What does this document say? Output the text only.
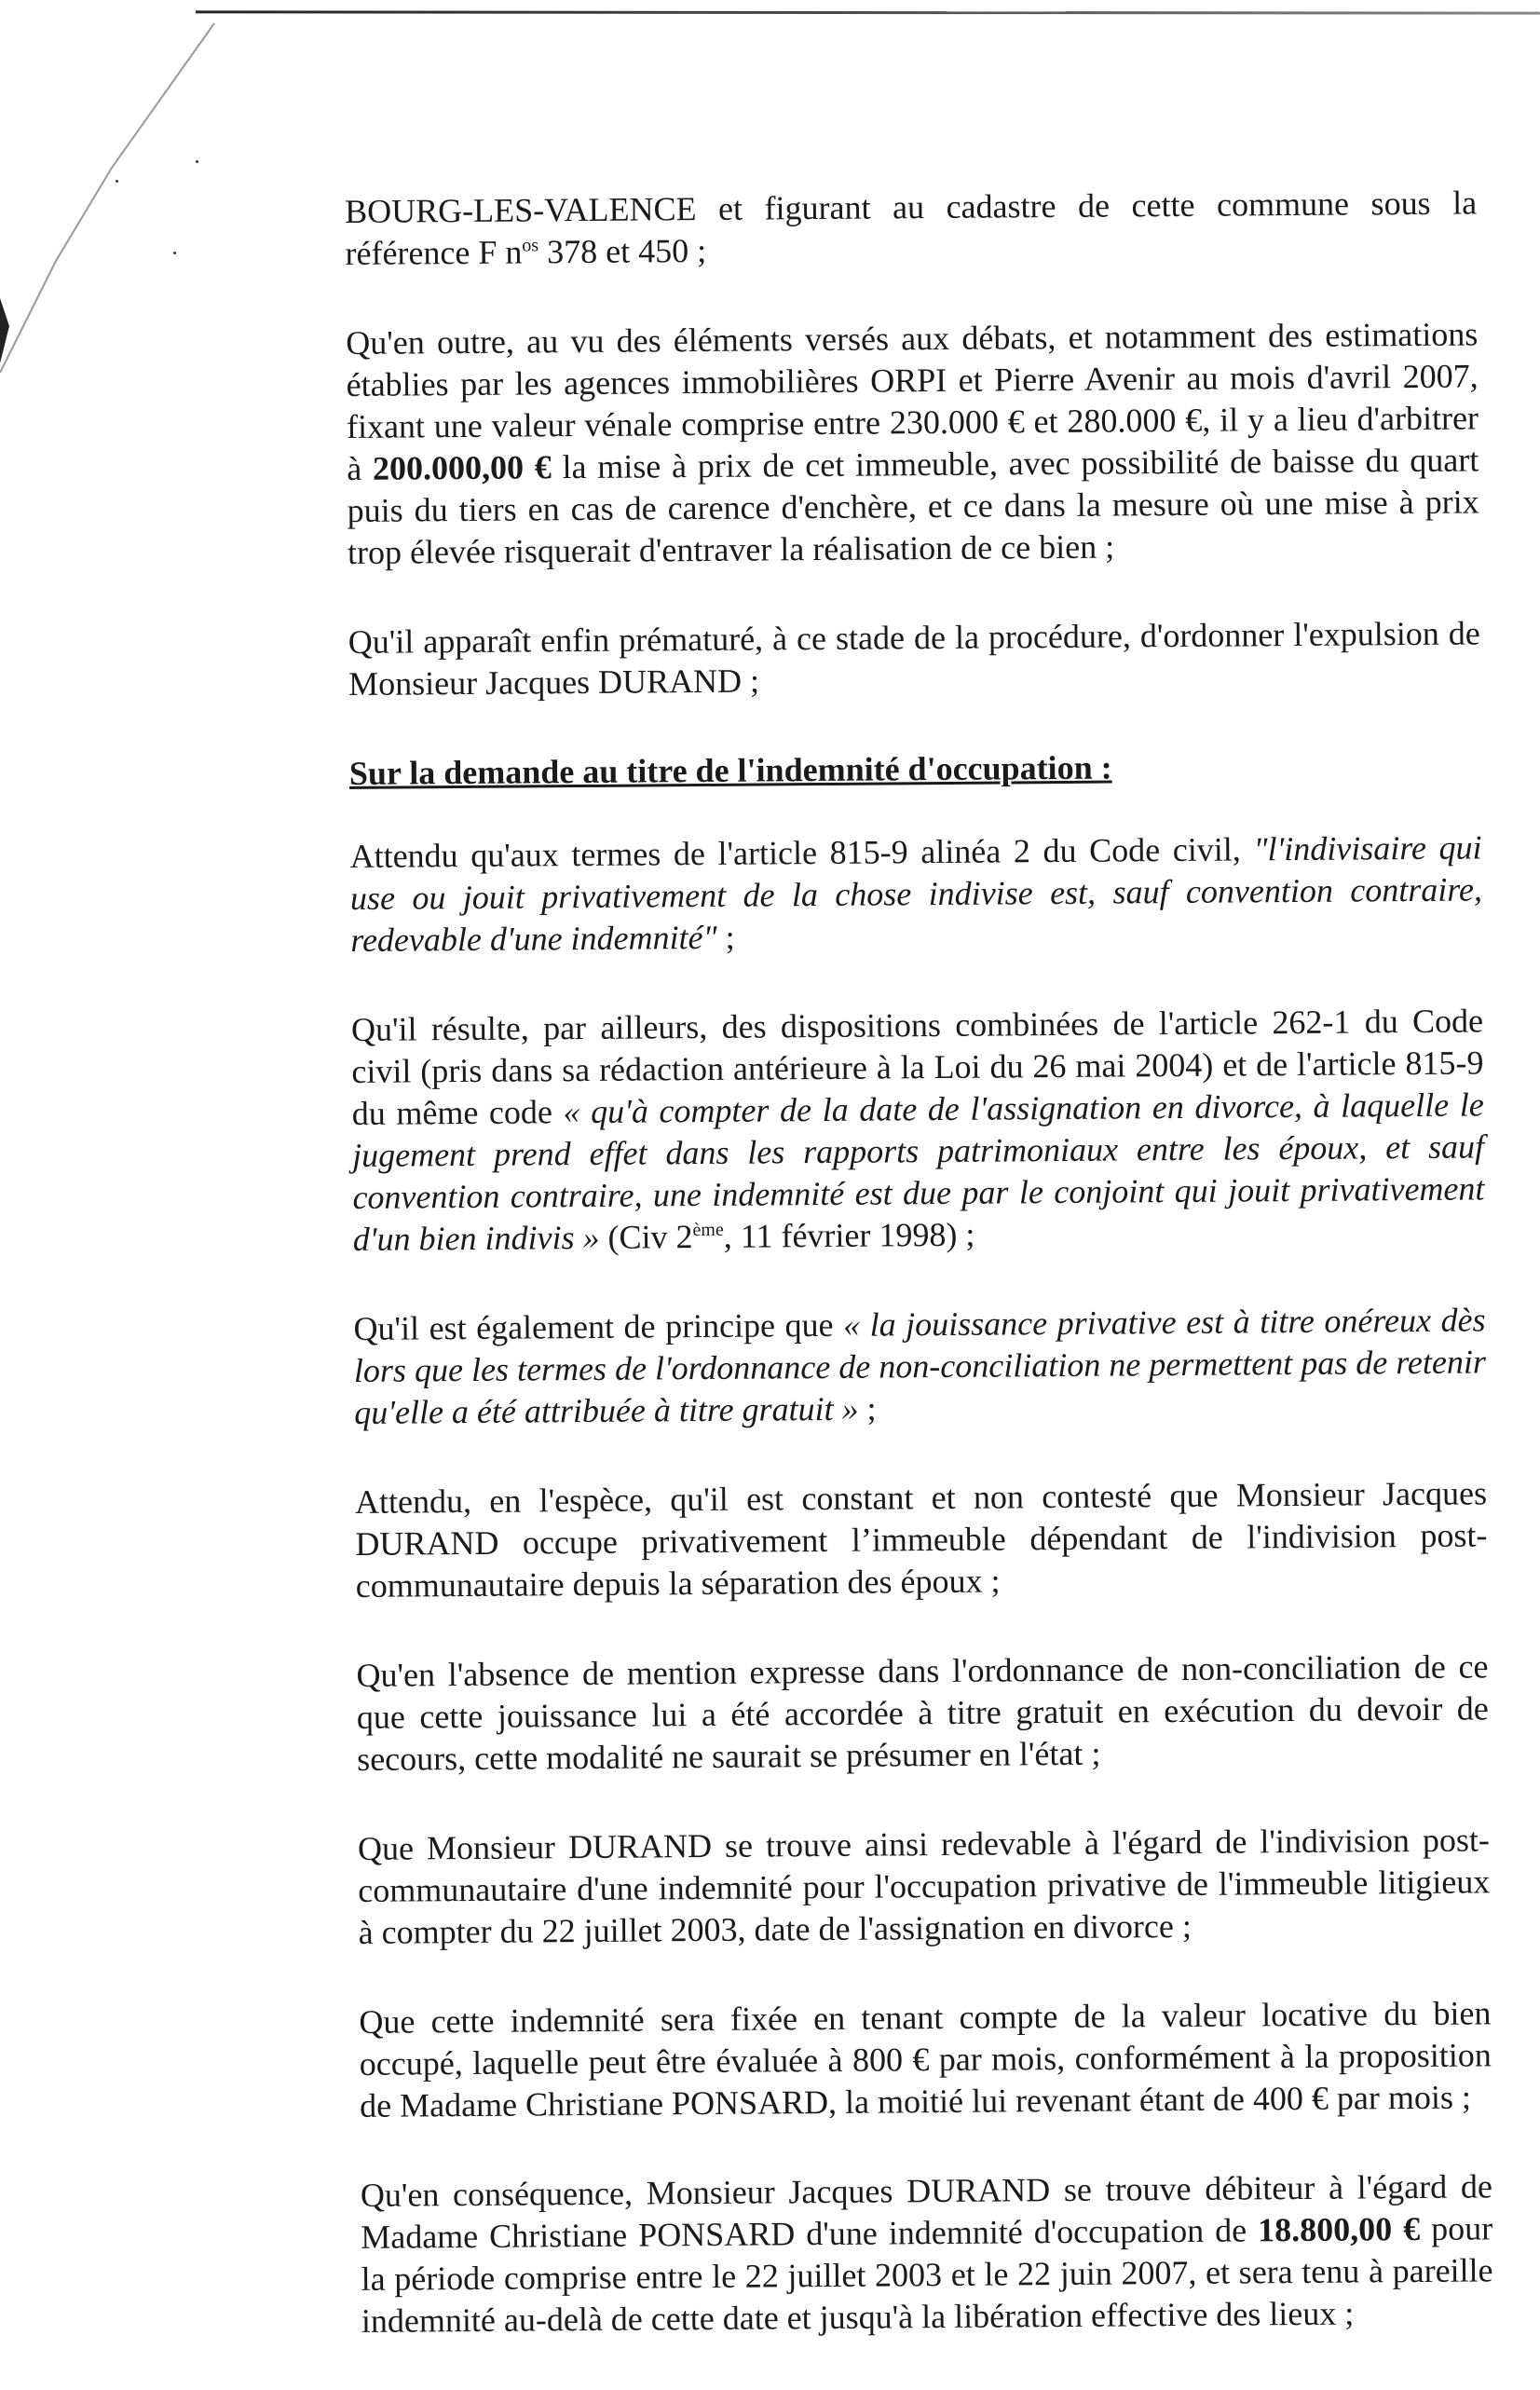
BOURG-LES-VALENCE et figurant au cadastre de cette commune sous la référence F $n^{os}$ 378 et 450 ;

Qu'en outre, au vu des éléments versés aux débats, et notamment des estimations établies par les agences immobilières ORPI et Pierre Avenir au mois d'avril 2007, fixant une valeur vénale comprise entre 230.000 € et 280.000 €, il y a lieu d'arbitrer à 200.000,00 € la mise à prix de cet immeuble, avec possibilité de baisse du quart puis du tiers en cas de carence d'enchère, et ce dans la mesure où une mise à prix trop élevée risquerait d'entraver la réalisation de ce bien ;

Qu'il apparaît enfin prématuré, à ce stade de la procédure, d'ordonner l'expulsion de Monsieur Jacques DURAND ;

Sur la demande au titre de l'indemnité d'occupation :

Attendu qu'aux termes de l'article 815-9 alinéa 2 du Code civil, "l'indivisaire qui use ou jouit privativement de la chose indivise est, sauf convention contraire, redevable d'une indemnité" ;

Qu'il résulte, par ailleurs, des dispositions combinées de l'article 262-1 du Code civil (pris dans sa rédaction antérieure à la Loi du 26 mai 2004) et de l'article 815-9 du même code « qu'à compter de la date de l'assignation en divorce, à laquelle le jugement prend effet dans les rapports patrimoniaux entre les époux, et sauf convention contraire, une indemnité est due par le conjoint qui jouit privativement d'un bien indivis » (Civ 2ème, 11 février 1998) ;

Qu'il est également de principe que « la jouissance privative est à titre onéreux dès lors que les termes de l'ordonnance de non-conciliation ne permettent pas de retenir qu'elle a été attribuée à titre gratuit » ;

Attendu, en l'espèce, qu'il est constant et non contesté que Monsieur Jacques DURAND occupe privativement l’immeuble dépendant de l'indivision post-communautaire depuis la séparation des époux ;

Qu'en l'absence de mention expresse dans l'ordonnance de non-conciliation de ce que cette jouissance lui a été accordée à titre gratuit en exécution du devoir de secours, cette modalité ne saurait se présumer en l'état ;

Que Monsieur DURAND se trouve ainsi redevable à l'égard de l'indivision post-communautaire d'une indemnité pour l'occupation privative de l'immeuble litigieux à compter du 22 juillet 2003, date de l'assignation en divorce ;

Que cette indemnité sera fixée en tenant compte de la valeur locative du bien occupé, laquelle peut être évaluée à 800 € par mois, conformément à la proposition de Madame Christiane PONSARD, la moitié lui revenant étant de 400 € par mois ;

Qu'en conséquence, Monsieur Jacques DURAND se trouve débiteur à l'égard de Madame Christiane PONSARD d'une indemnité d'occupation de 18.800,00 € pour la période comprise entre le 22 juillet 2003 et le 22 juin 2007, et sera tenu à pareille indemnité au-delà de cette date et jusqu'à la libération effective des lieux ;
